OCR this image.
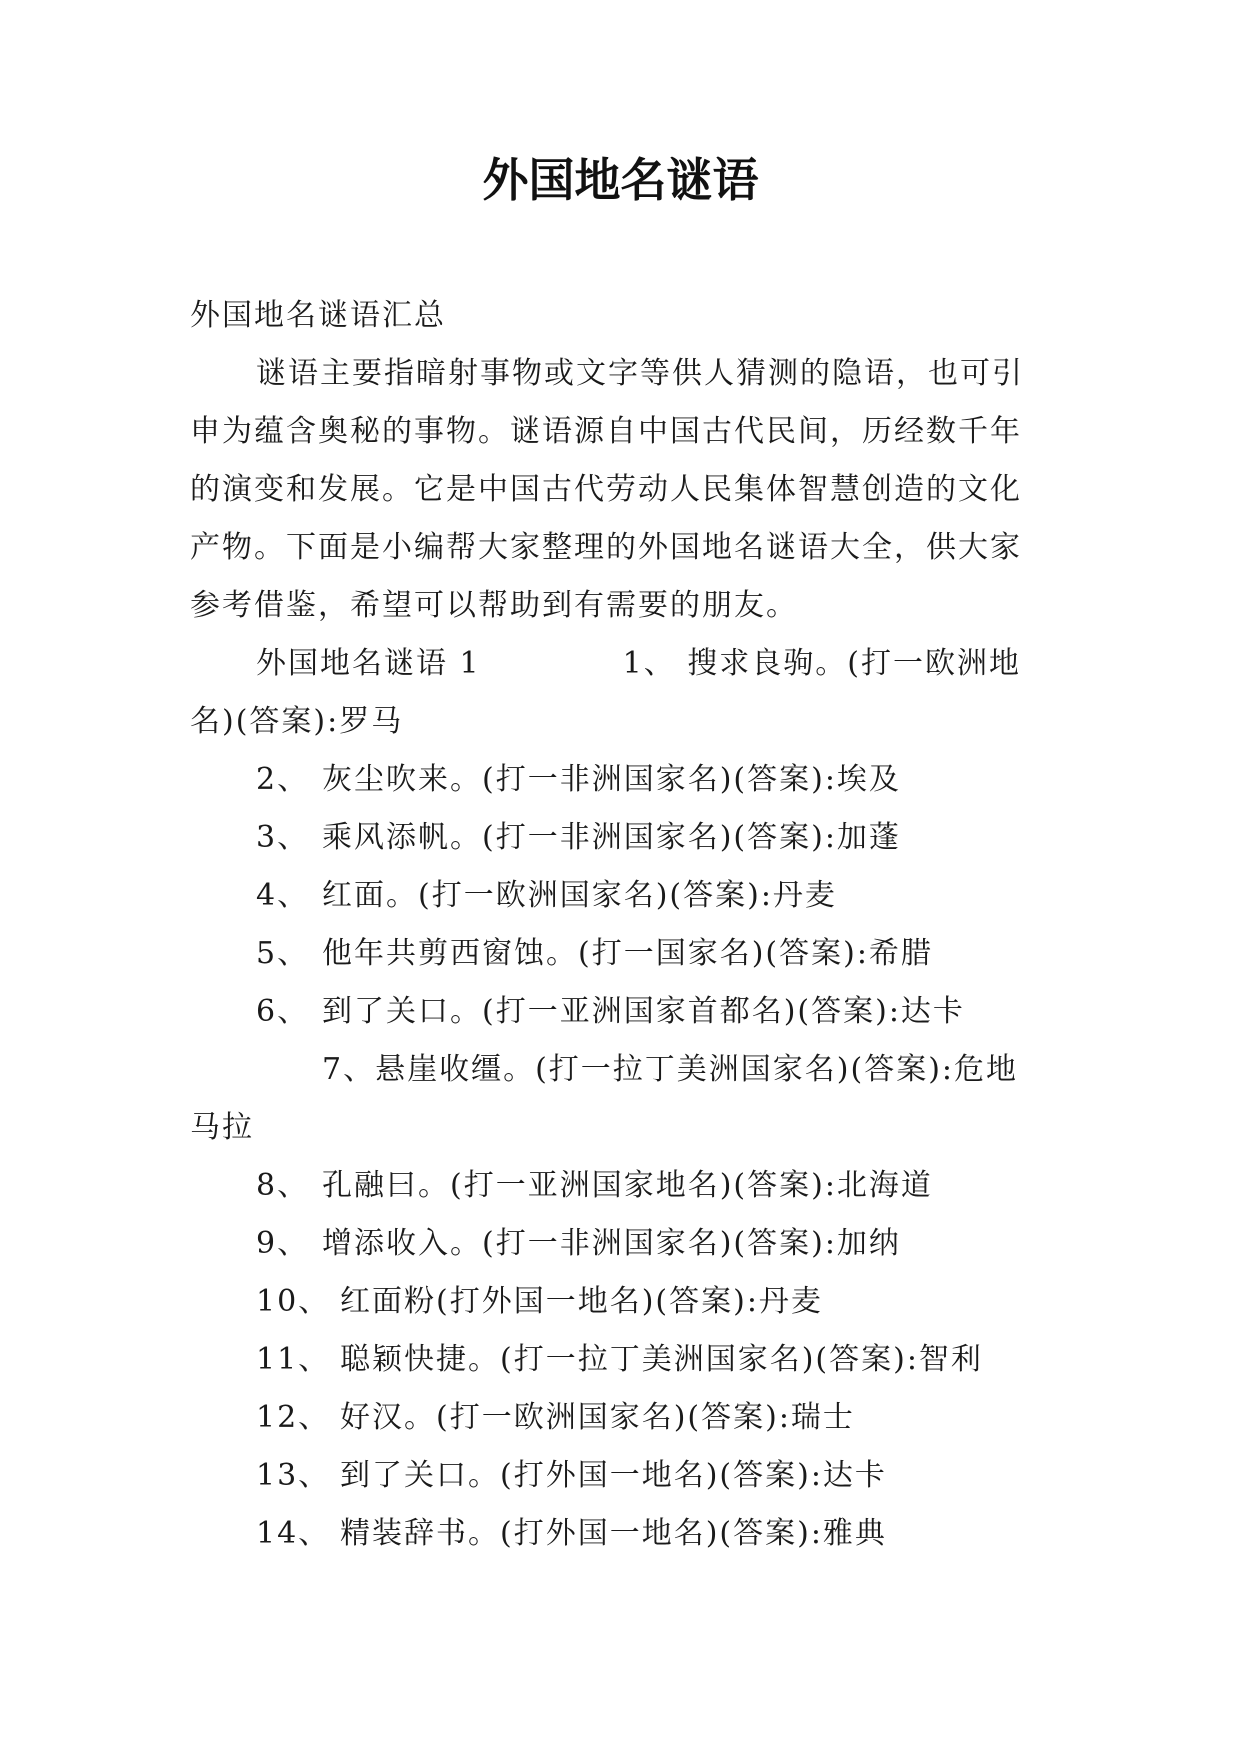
外国地名谜语

外国地名谜语汇总

谜语主要指暗射事物或文字等供人猜测的隐语，也可引申为蕴含奥秘的事物。谜语源自中国古代民间，历经数千年的演变和发展。它是中国古代劳动人民集体智慧创造的文化产物。下面是小编帮大家整理的外国地名谜语大全，供大家参考借鉴，希望可以帮助到有需要的朋友。

外国地名谜语 1	1、 搜求良驹。(打一欧洲地名)(答案):罗马

2、 灰尘吹来。(打一非洲国家名)(答案):埃及

3、 乘风添帆。(打一非洲国家名)(答案):加蓬

4、 红面。(打一欧洲国家名)(答案):丹麦

5、 他年共剪西窗蚀。(打一国家名)(答案):希腊

6、 到了关口。(打一亚洲国家首都名)(答案):达卡

7、悬崖收缰。(打一拉丁美洲国家名)(答案):危地马拉

8、 孔融曰。(打一亚洲国家地名)(答案):北海道

9、 增添收入。(打一非洲国家名)(答案):加纳

10、 红面粉(打外国一地名)(答案):丹麦

11、 聪颖快捷。(打一拉丁美洲国家名)(答案):智利

12、 好汉。(打一欧洲国家名)(答案):瑞士

13、 到了关口。(打外国一地名)(答案):达卡

14、 精装辞书。(打外国一地名)(答案):雅典
